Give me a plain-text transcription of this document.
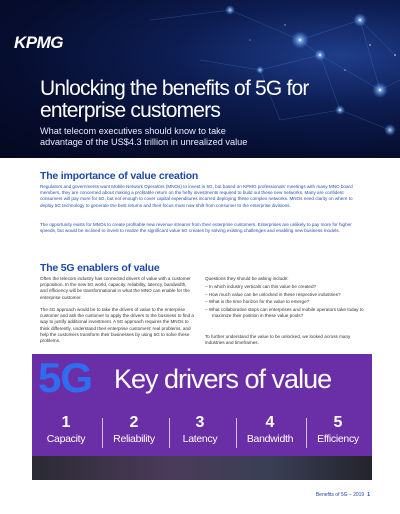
KPMG
Unlocking the benefits of 5G for enterprise customers

What telecom executives should know to take advantage of the US$4.3 trillion in unrealized value

The importance of value creation

Regulators and governments want Mobile Network Operators (MNOs) to invest in 5G, but based on KPMG professionals' meetings with many MNO board members, they are concerned about making a profitable return on the hefty investments required to build out these new networks. Many are confident consumers will pay more for 5G, but not enough to cover capital expenditures incurred deploying these complex networks. MNOs need clarity on where to deploy 5G technology to generate the best returns and their focus must now shift from consumer to the enterprise divisions.

The opportunity exists for MNOs to create profitable new revenue streams from their enterprise customers. Enterprises are unlikely to pay more for higher speeds, but would be inclined to invest to realize the significant value 5G creates by solving existing challenges and enabling new business models.

The 5G enablers of value

Often the telecom industry has connected drivers of value with a customer proposition. In the new 5G world, capacity, reliability, latency, bandwidth, and efficiency will be transformational in what the MNO can enable for the enterprise customer.

The 4G approach would be to take the drivers of value to the enterprise customer and ask the customer to apply the drivers to the business to find a way to justify additional investment. A 5G approach requires the MNOs to think differently, understand their enterprise customers' real problems, and help the customers transform their businesses by using 5G to solve these problems.

Questions they should be asking include:

– In which industry verticals can this value be created?
– How much value can be unlocked in these respective industries?
– What is the time horizon for the value to emerge?
– What collaborative steps can enterprises and mobile operators take today to maximize their position in these value pools?

To further understand the value to be unlocked, we looked across many industries and timeframes.

5G Key drivers of value
1
Capacity
2
Reliability
3
Latency
4
Bandwidth
5
Efficiency
Benefits of 5G – 2019 1
